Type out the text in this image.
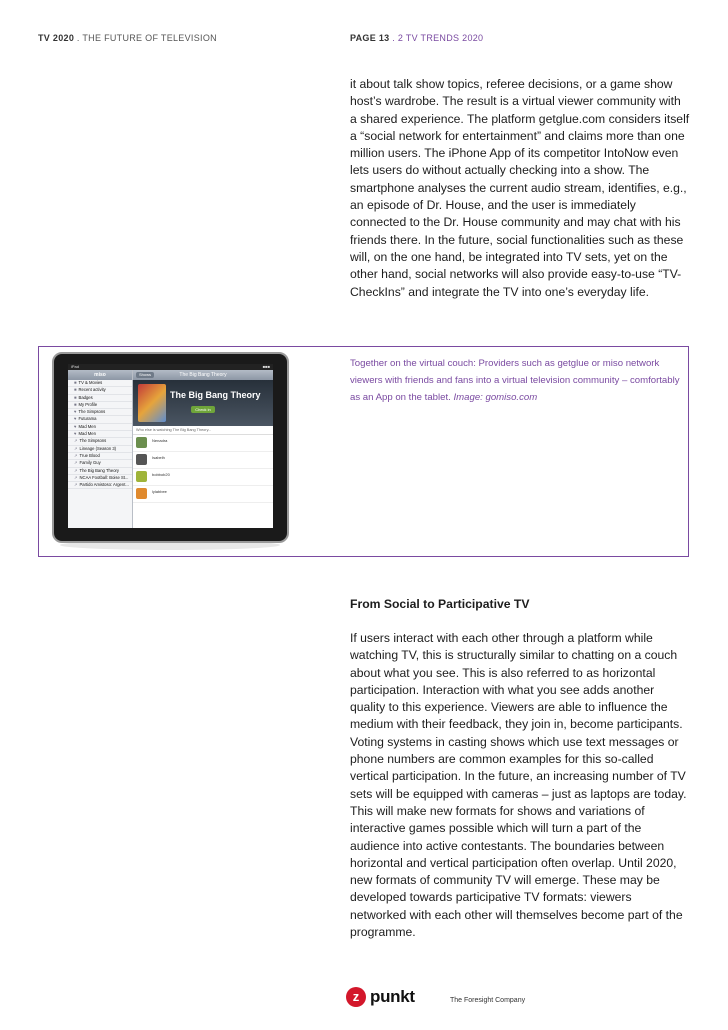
TV 2020 . THE FUTURE OF TELEVISION	PAGE 13 . 2 TV TRENDS 2020

it about talk show topics, referee decisions, or a game show host’s wardrobe. The result is a virtual viewer community with a shared experience. The platform getglue.com considers itself a “social network for entertainment” and claims more than one million users. The iPhone App of its competitor IntoNow even lets users do without actually checking into a show. The smartphone analyses the current audio stream, identifies, e.g., an episode of Dr. House, and the user is immediately connected to the Dr. House community and may chat with his friends there. In the future, social functionalities such as these will, on the one hand, be integrated into TV sets, yet on the other hand, social networks will also provide easy-to-use “TV-CheckIns” and integrate the TV into one’s everyday life.

iPad	■■■
miso
■ TV & Movies
■ Recent activity
■ Badges
■ My Profile
♥ The Simpsons
♥ Futurama
♥ Mad Men
♥ Mad Men
↗ The Simpsons
↗ Lineage (Season 3)
↗ True Blood
↗ Family Guy
↗ The Big Bang Theory
↗ NCAA Football: Boise St...
↗ Partido Amistoso: Argent...
Shows	The Big Bang Theory
The Big Bang Theory
Check in
Who else is watching The Big Bang Theory...
Nenadra
Isabelh
bobbob20
lylabbee

Together on the virtual couch: Providers such as getglue or miso network viewers with friends and fans into a virtual television community – comfortably as an App on the tablet. Image: gomiso.com

From Social to Participative TV

If users interact with each other through a platform while watching TV, this is structurally similar to chatting on a couch about what you see. This is also referred to as horizontal participation. Interaction with what you see adds another quality to this experience. Viewers are able to influence the medium with their feedback, they join in, become participants. Voting systems in casting shows which use text messages or phone numbers are common examples for this so-called vertical participation. In the future, an increasing number of TV sets will be equipped with cameras – just as laptops are today. This will make new formats for shows and variations of interactive games possible which will turn a part of the audience into active contestants. The boundaries between horizontal and vertical participation often overlap. Until 2020, new formats of community TV will emerge. These may be developed towards participative TV formats: viewers networked with each other will themselves become part of the programme.

z punkt	The Foresight Company
